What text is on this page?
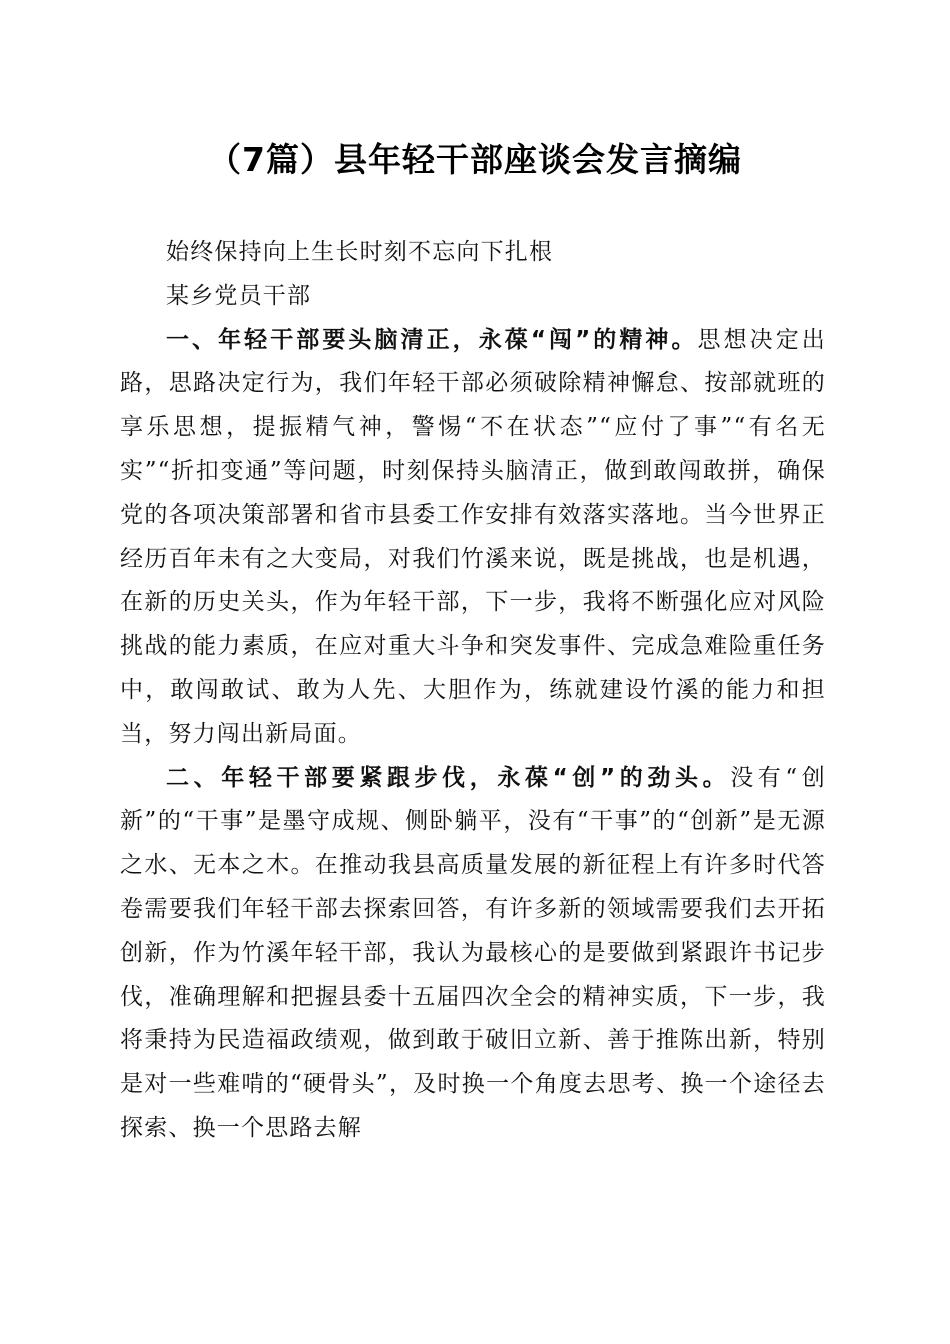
（7篇）县年轻干部座谈会发言摘编

始终保持向上生长时刻不忘向下扎根

某乡党员干部

一、年轻干部要头脑清正，永葆“闯”的精神。思想决定出路，思路决定行为，我们年轻干部必须破除精神懈怠、按部就班的享乐思想，提振精气神，警惕“不在状态”“应付了事”“有名无实”“折扣变通”等问题，时刻保持头脑清正，做到敢闯敢拼，确保党的各项决策部署和省市县委工作安排有效落实落地。当今世界正经历百年未有之大变局，对我们竹溪来说，既是挑战，也是机遇，在新的历史关头，作为年轻干部，下一步，我将不断强化应对风险挑战的能力素质，在应对重大斗争和突发事件、完成急难险重任务中，敢闯敢试、敢为人先、大胆作为，练就建设竹溪的能力和担当，努力闯出新局面。

二、年轻干部要紧跟步伐，永葆“创”的劲头。没有“创新”的“干事”是墨守成规、侧卧躺平，没有“干事”的“创新”是无源之水、无本之木。在推动我县高质量发展的新征程上有许多时代答卷需要我们年轻干部去探索回答，有许多新的领域需要我们去开拓创新，作为竹溪年轻干部，我认为最核心的是要做到紧跟许书记步伐，准确理解和把握县委十五届四次全会的精神实质，下一步，我将秉持为民造福政绩观，做到敢于破旧立新、善于推陈出新，特别是对一些难啃的“硬骨头”，及时换一个角度去思考、换一个途径去探索、换一个思路去解
